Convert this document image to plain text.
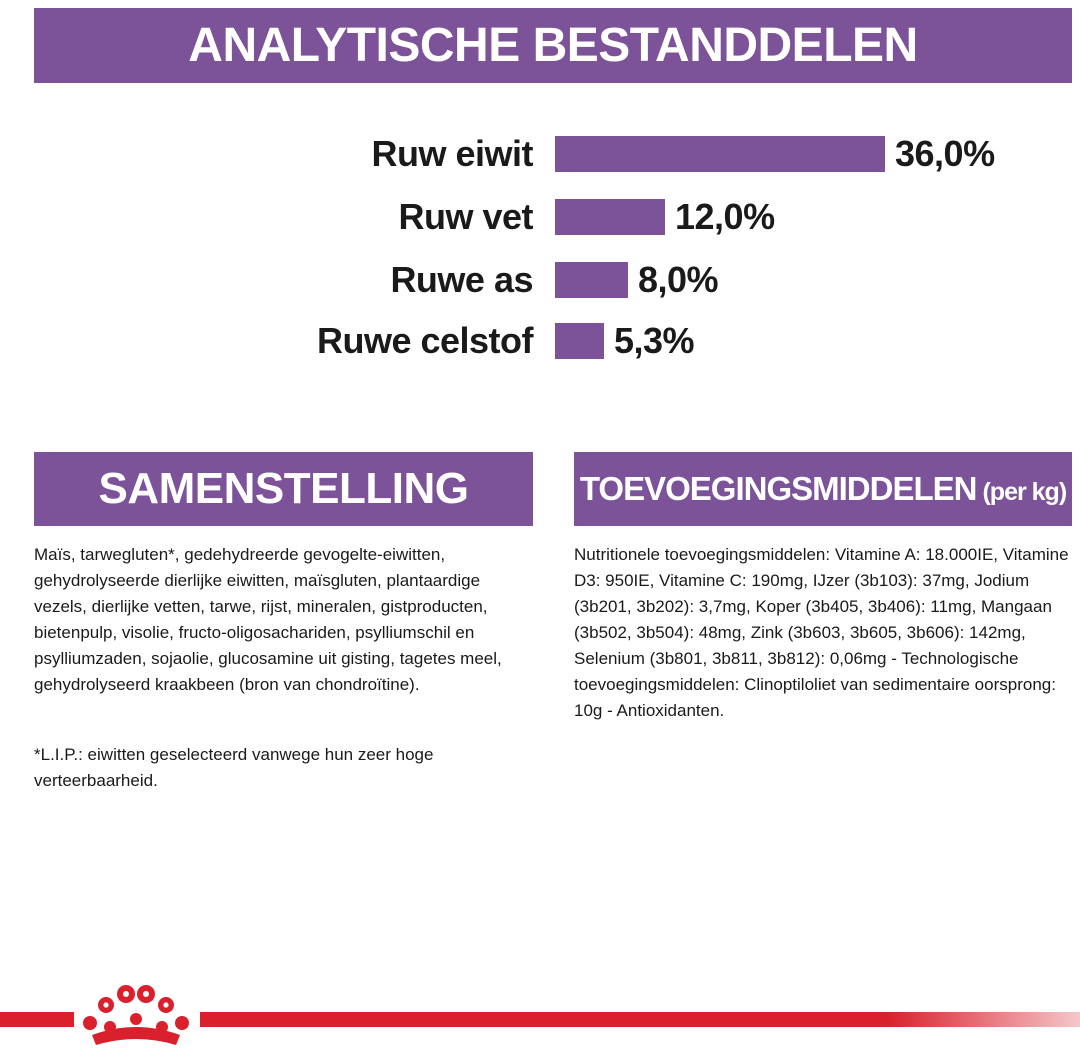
ANALYTISCHE BESTANDDELEN
Ruw eiwit	36,0%
Ruw vet	12,0%
Ruwe as	8,0%
Ruwe celstof 5,3%
SAMENSTELLING	TOEVOEGINGSMIDDELEN (per kg)

Maïs, tarwegluten*, gedehydreerde gevogelte-eiwitten, gehydrolyseerde dierlijke eiwitten, maïsgluten, plantaardige vezels, dierlijke vetten, tarwe, rijst, mineralen, gistproducten, bietenpulp, visolie, fructo-oligosachariden, psylliumschil en psylliumzaden, sojaolie, glucosamine uit gisting, tagetes meel, gehydrolyseerd kraakbeen (bron van chondroïtine).

*L.I.P.: eiwitten geselecteerd vanwege hun zeer hoge verteerbaarheid.

Nutritionele toevoegingsmiddelen: Vitamine A: 18.000IE, Vitamine D3: 950IE, Vitamine C: 190mg, IJzer (3b103): 37mg, Jodium (3b201, 3b202): 3,7mg, Koper (3b405, 3b406): 11mg, Mangaan (3b502, 3b504): 48mg, Zink (3b603, 3b605, 3b606): 142mg, Selenium (3b801, 3b811, 3b812): 0,06mg - Technologische toevoegingsmiddelen: Clinoptiloliet van sedimentaire oorsprong: 10g - Antioxidanten.
